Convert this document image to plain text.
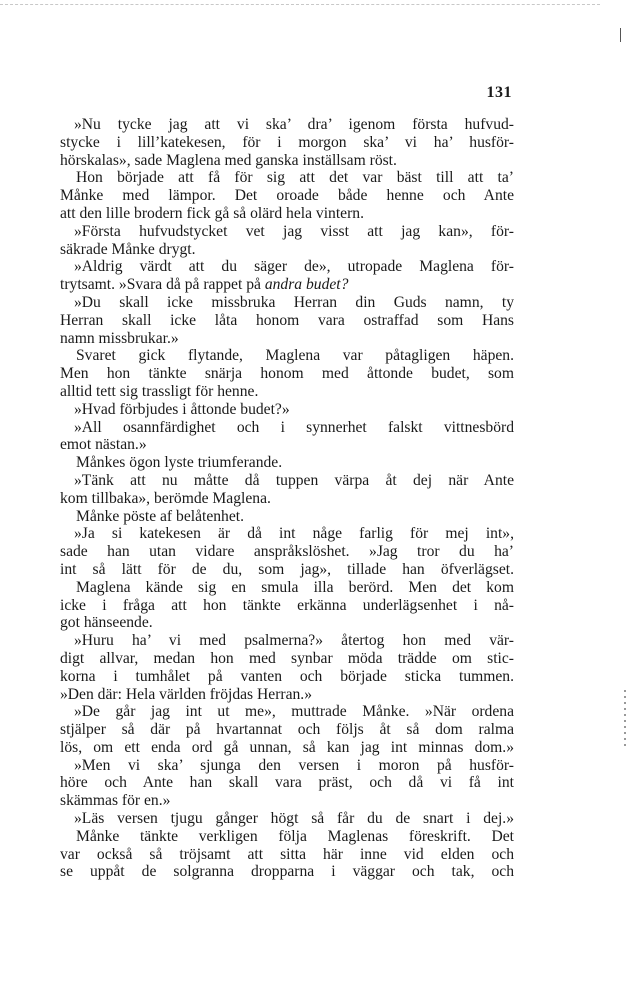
131
»Nu tycke jag att vi ska’ dra’ igenom första hufvud-
stycke i lill’katekesen, för i morgon ska’ vi ha’ husför-
hörskalas», sade Maglena med ganska inställsam röst.
Hon började att få för sig att det var bäst till att ta’
Månke med lämpor. Det oroade både henne och Ante
att den lille brodern fick gå så olärd hela vintern.
»Första hufvudstycket vet jag visst att jag kan», för-
säkrade Månke drygt.
»Aldrig värdt att du säger de», utropade Maglena för-
trytsamt. »Svara då på rappet på andra budet?
»Du skall icke missbruka Herran din Guds namn, ty
Herran skall icke låta honom vara ostraffad som Hans
namn missbrukar.»
Svaret gick flytande, Maglena var påtagligen häpen.
Men hon tänkte snärja honom med åttonde budet, som
alltid tett sig trassligt för henne.
»Hvad förbjudes i åttonde budet?»
»All osannfärdighet och i synnerhet falskt vittnesbörd
emot nästan.»
Månkes ögon lyste triumferande.
»Tänk att nu måtte då tuppen värpa åt dej när Ante
kom tillbaka», berömde Maglena.
Månke pöste af belåtenhet.
»Ja si katekesen är då int någe farlig för mej int»,
sade han utan vidare anspråkslöshet. »Jag tror du ha’
int så lätt för de du, som jag», tillade han öfverlägset.
Maglena kände sig en smula illa berörd. Men det kom
icke i fråga att hon tänkte erkänna underlägsenhet i nå-
got hänseende.
»Huru ha’ vi med psalmerna?» återtog hon med vär-
digt allvar, medan hon med synbar möda trädde om stic-
korna i tumhålet på vanten och började sticka tummen.
»Den där: Hela världen fröjdas Herran.»
»De går jag int ut me», muttrade Månke. »När ordena
stjälper så där på hvartannat och följs åt så dom ralma
lös, om ett enda ord gå unnan, så kan jag int minnas dom.»
»Men vi ska’ sjunga den versen i moron på husför-
höre och Ante han skall vara präst, och då vi få int
skämmas för en.»
»Läs versen tjugu gånger högt så får du de snart i dej.»
Månke tänkte verkligen följa Maglenas föreskrift. Det
var också så tröjsamt att sitta här inne vid elden och
se uppåt de solgranna dropparna i väggar och tak, och
